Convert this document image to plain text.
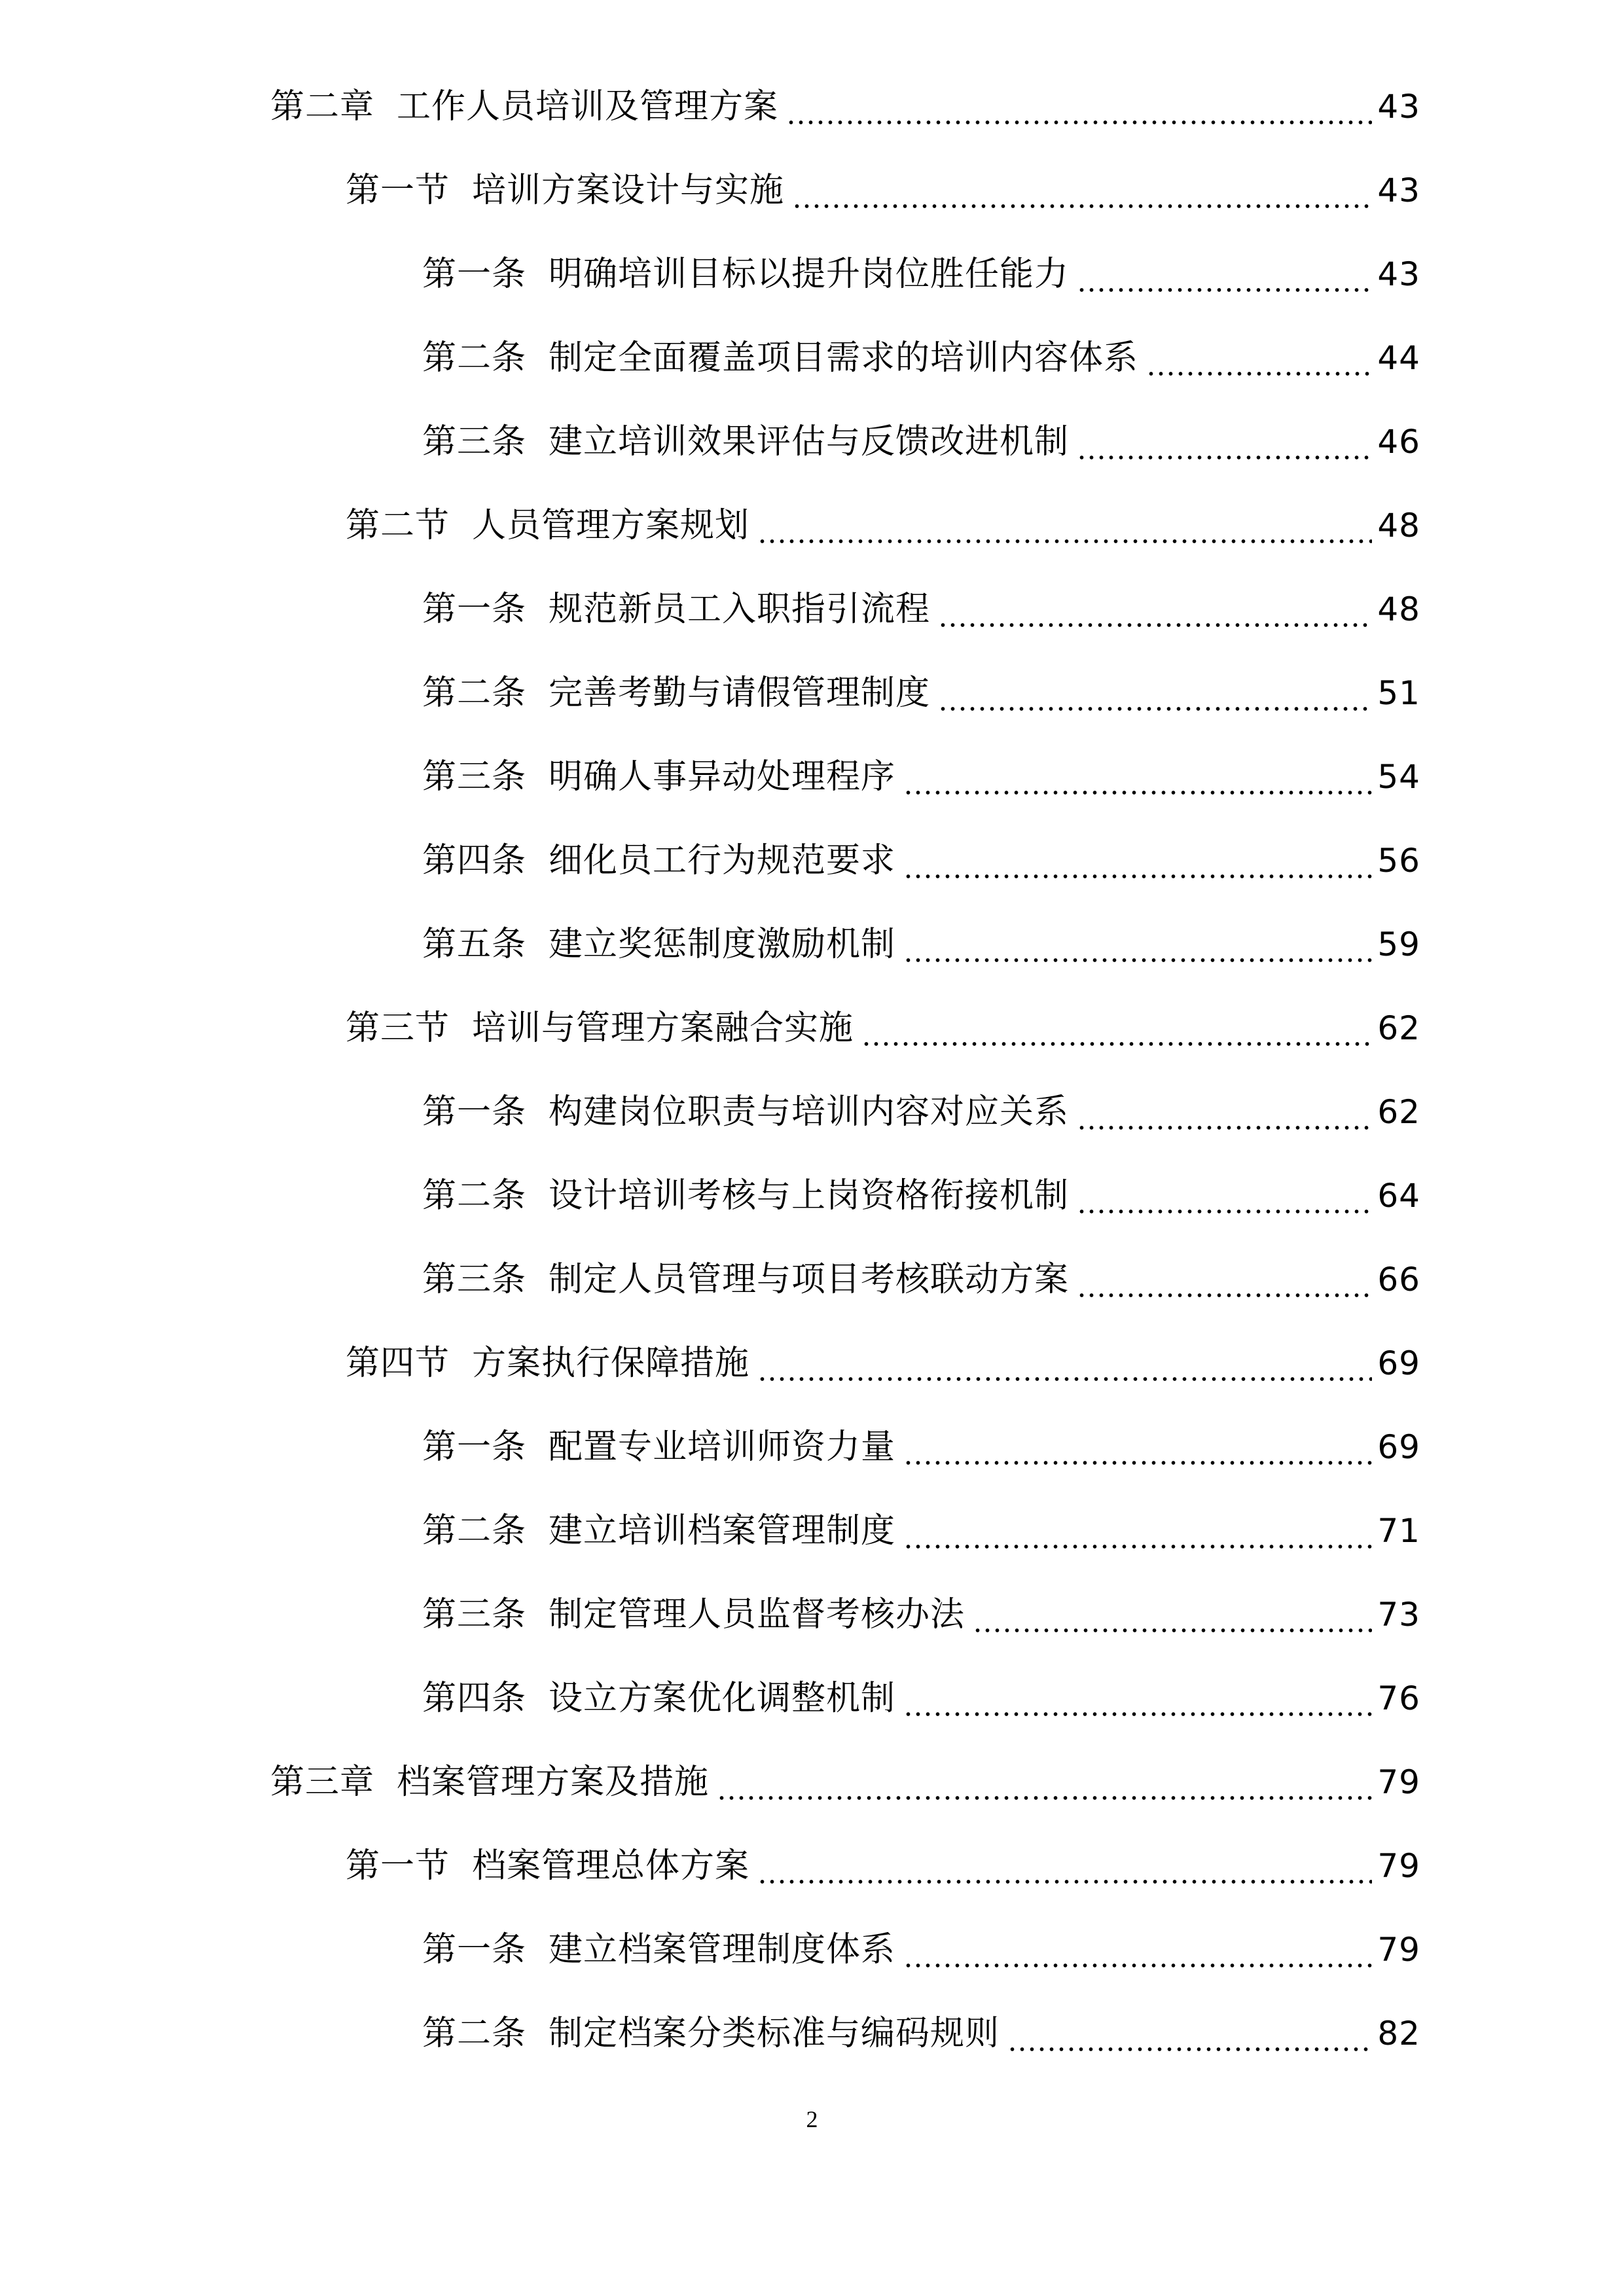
第二章 工作人员培训及管理方案	43
第一节 培训方案设计与实施	43
第一条 明确培训目标以提升岗位胜任能力	43
第二条 制定全面覆盖项目需求的培训内容体系	44
第三条 建立培训效果评估与反馈改进机制	46
第二节 人员管理方案规划	48
第一条 规范新员工入职指引流程	48
第二条 完善考勤与请假管理制度	51
第三条 明确人事异动处理程序	54
第四条 细化员工行为规范要求	56
第五条 建立奖惩制度激励机制	59
第三节 培训与管理方案融合实施	62
第一条 构建岗位职责与培训内容对应关系	62
第二条 设计培训考核与上岗资格衔接机制	64
第三条 制定人员管理与项目考核联动方案	66
第四节 方案执行保障措施	69
第一条 配置专业培训师资力量	69
第二条 建立培训档案管理制度	71
第三条 制定管理人员监督考核办法	73
第四条 设立方案优化调整机制	76
第三章 档案管理方案及措施	79
第一节 档案管理总体方案	79
第一条 建立档案管理制度体系	79
第二条 制定档案分类标准与编码规则	82
2
